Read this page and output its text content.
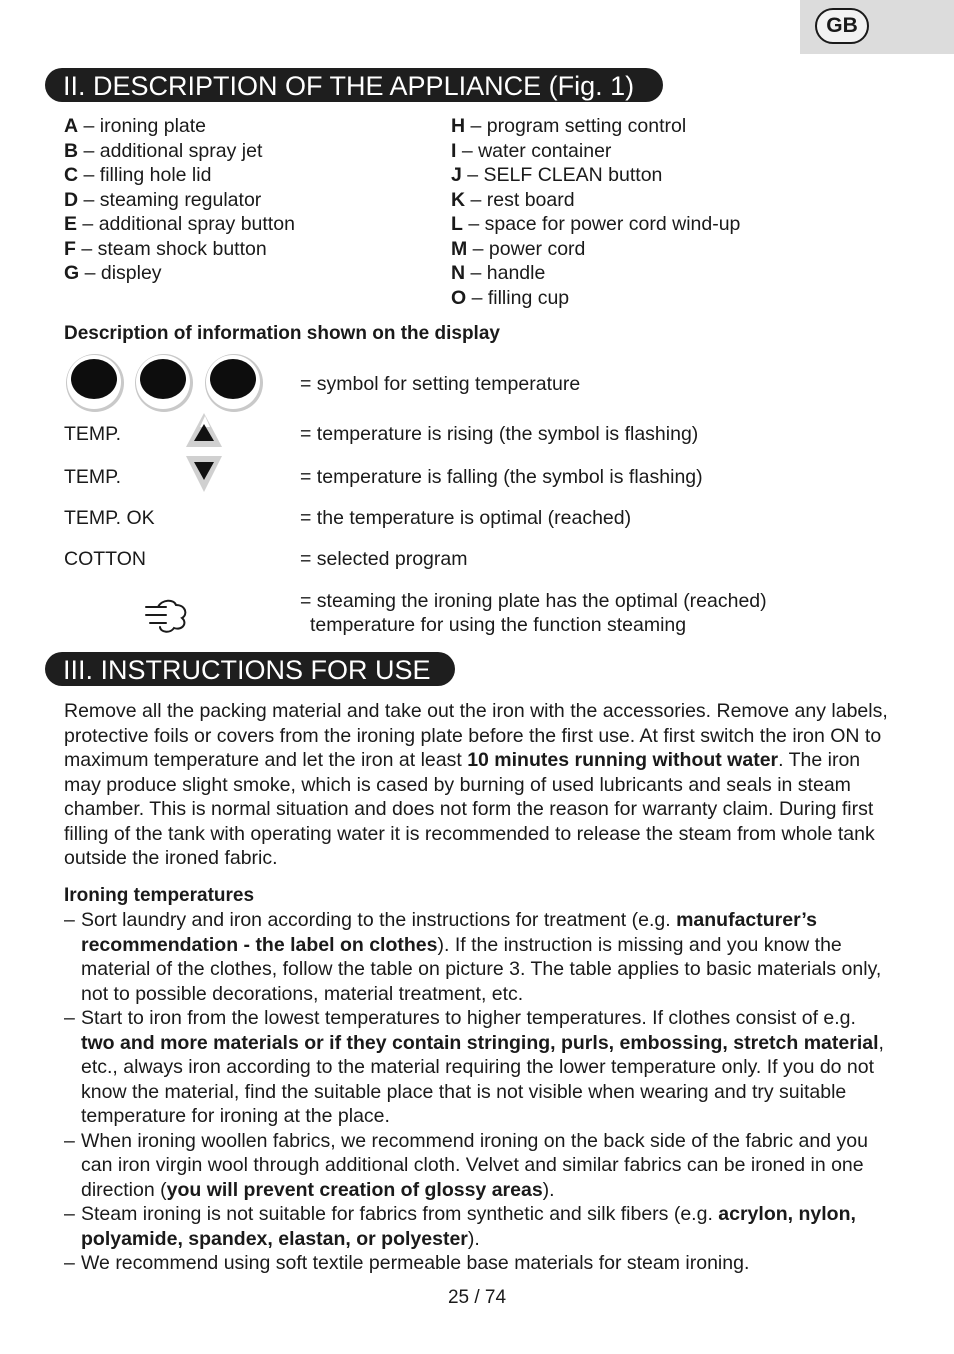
GB
II. DESCRIPTION OF THE APPLIANCE (Fig. 1)
A – ironing plate
B – additional spray jet
C – filling hole lid
D – steaming regulator
E – additional spray button
F – steam shock button
G – displey
H – program setting control
I – water container
J – SELF CLEAN button
K – rest board
L – space for power cord wind-up
M – power cord
N – handle
O – filling cup
Description of information shown on the display
= symbol for setting temperature
TEMP.	= temperature is rising (the symbol is flashing)
TEMP.	= temperature is falling (the symbol is flashing)
TEMP. OK	= the temperature is optimal (reached)
COTTON	= selected program
= steaming the ironing plate has the optimal (reached)
temperature for using the function steaming
III. INSTRUCTIONS FOR USE
Remove all the packing material and take out the iron with the accessories. Remove any labels, protective foils or covers from the ironing plate before the first use. At first switch the iron ON to maximum temperature and let the iron at least 10 minutes running without water. The iron may produce slight smoke, which is cased by burning of used lubricants and seals in steam chamber. This is normal situation and does not form the reason for warranty claim. During first filling of the tank with operating water it is recommended to release the steam from whole tank outside the ironed fabric.
Ironing temperatures
– Sort laundry and iron according to the instructions for treatment (e.g. manufacturer’s recommendation - the label on clothes). If the instruction is missing and you know the material of the clothes, follow the table on picture 3. The table applies to basic materials only, not to possible decorations, material treatment, etc.
– Start to iron from the lowest temperatures to higher temperatures. If clothes consist of e.g. two and more materials or if they contain stringing, purls, embossing, stretch material, etc., always iron according to the material requiring the lower temperature only. If you do not know the material, find the suitable place that is not visible when wearing and try suitable temperature for ironing at the place.
– When ironing woollen fabrics, we recommend ironing on the back side of the fabric and you can iron virgin wool through additional cloth. Velvet and similar fabrics can be ironed in one direction (you will prevent creation of glossy areas).
– Steam ironing is not suitable for fabrics from synthetic and silk fibers (e.g. acrylon, nylon, polyamide, spandex, elastan, or polyester).
– We recommend using soft textile permeable base materials for steam ironing.
25 / 74
